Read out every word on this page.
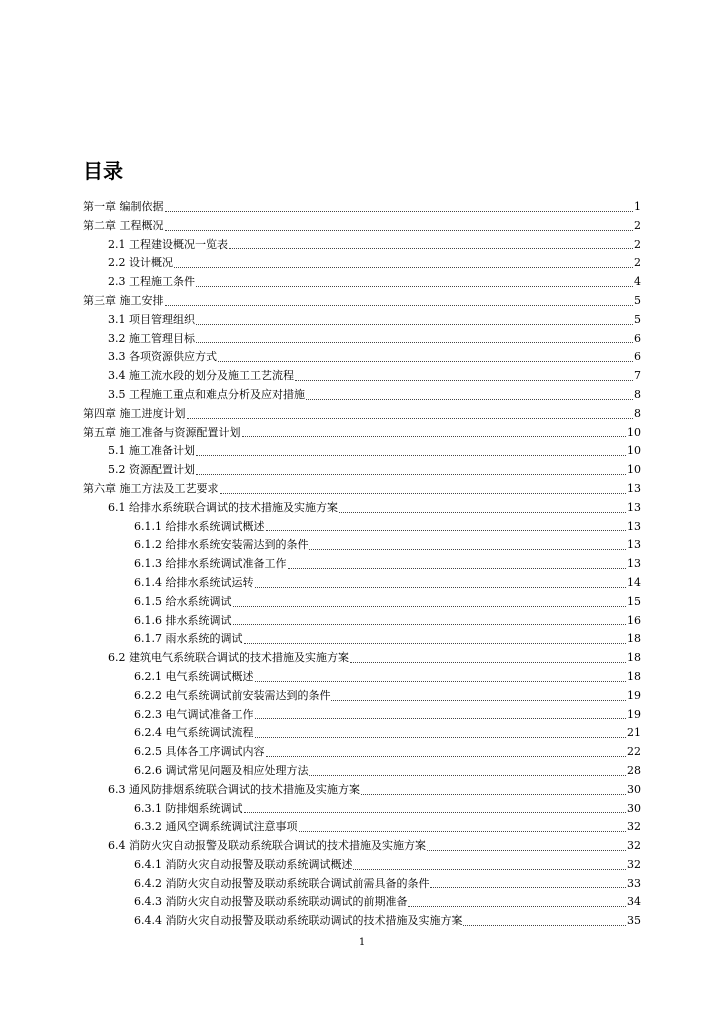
目录
第一章 编制依据	1
第二章 工程概况	2
2.1 工程建设概况一览表	2
2.2 设计概况	2
2.3 工程施工条件	4
第三章 施工安排	5
3.1 项目管理组织	5
3.2 施工管理目标	6
3.3 各项资源供应方式	6
3.4 施工流水段的划分及施工工艺流程	7
3.5 工程施工重点和难点分析及应对措施	8
第四章 施工进度计划	8
第五章 施工准备与资源配置计划	10
5.1 施工准备计划	10
5.2 资源配置计划	10
第六章 施工方法及工艺要求	13
6.1 给排水系统联合调试的技术措施及实施方案	13
6.1.1 给排水系统调试概述	13
6.1.2 给排水系统安装需达到的条件	13
6.1.3 给排水系统调试准备工作	13
6.1.4 给排水系统试运转	14
6.1.5 给水系统调试	15
6.1.6 排水系统调试	16
6.1.7 雨水系统的调试	18
6.2 建筑电气系统联合调试的技术措施及实施方案	18
6.2.1 电气系统调试概述	18
6.2.2 电气系统调试前安装需达到的条件	19
6.2.3 电气调试准备工作	19
6.2.4 电气系统调试流程	21
6.2.5 具体各工序调试内容	22
6.2.6 调试常见问题及相应处理方法	28
6.3 通风防排烟系统联合调试的技术措施及实施方案	30
6.3.1 防排烟系统调试	30
6.3.2 通风空调系统调试注意事项	32
6.4 消防火灾自动报警及联动系统联合调试的技术措施及实施方案	32
6.4.1 消防火灾自动报警及联动系统调试概述	32
6.4.2 消防火灾自动报警及联动系统联合调试前需具备的条件	33
6.4.3 消防火灾自动报警及联动系统联动调试的前期准备	34
6.4.4 消防火灾自动报警及联动系统联动调试的技术措施及实施方案	35
1
